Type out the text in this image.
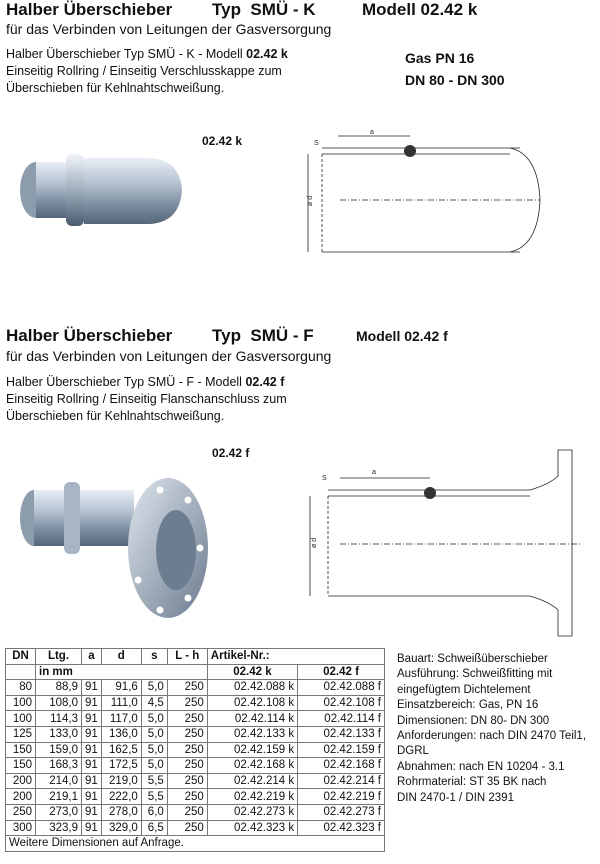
Halber Überschieber Typ  SMÜ - K	Modell 02.42 k
für das Verbinden von Leitungen der Gasversorgung
Halber Überschieber Typ SMÜ - K - Modell 02.42 k
Einseitig Rollring / Einseitig Verschlusskappe zum
Überschieben für Kehlnahtschweißung.
Gas PN 16
DN 80 - DN 300
02.42 k
ø d
S
a
Halber Überschieber Typ  SMÜ - F	Modell 02.42 f
für das Verbinden von Leitungen der Gasversorgung
Halber Überschieber Typ SMÜ - F - Modell 02.42 f
Einseitig Rollring / Einseitig Flanschanschluss zum
Überschieben für Kehlnahtschweißung.
02.42 f
ø d
S
a
DN	Ltg.	a	d	s	L - h	Artikel-Nr.:	
	in mm					02.42 k	02.42 f
80	88,9	91	91,6	5,0	250	02.42.088 k	02.42.088 f
100	108,0	91	111,0	4,5	250	02.42.108 k	02.42.108 f
100	114,3	91	117,0	5,0	250	02.42.114 k	02.42.114 f
125	133,0	91	136,0	5,0	250	02.42.133 k	02.42.133 f
150	159,0	91	162,5	5,0	250	02.42.159 k	02.42.159 f
150	168,3	91	172,5	5,0	250	02.42.168 k	02.42.168 f
200	214,0	91	219,0	5,5	250	02.42.214 k	02.42.214 f
200	219,1	91	222,0	5,5	250	02.42.219 k	02.42.219 f
250	273,0	91	278,0	6,0	250	02.42.273 k	02.42.273 f
300	323,9	91	329,0	6,5	250	02.42.323 k	02.42.323 f
Weitere Dimensionen auf Anfrage.							
Bauart: Schweißüberschieber
Ausführung: Schweißfitting mit
eingefügtem Dichtelement
Einsatzbereich: Gas, PN 16
Dimensionen: DN 80- DN 300
Anforderungen: nach DIN 2470 Teil1,
DGRL
Abnahmen: nach EN 10204 - 3.1
Rohrmaterial: ST 35 BK nach
DIN 2470-1 / DIN 2391
